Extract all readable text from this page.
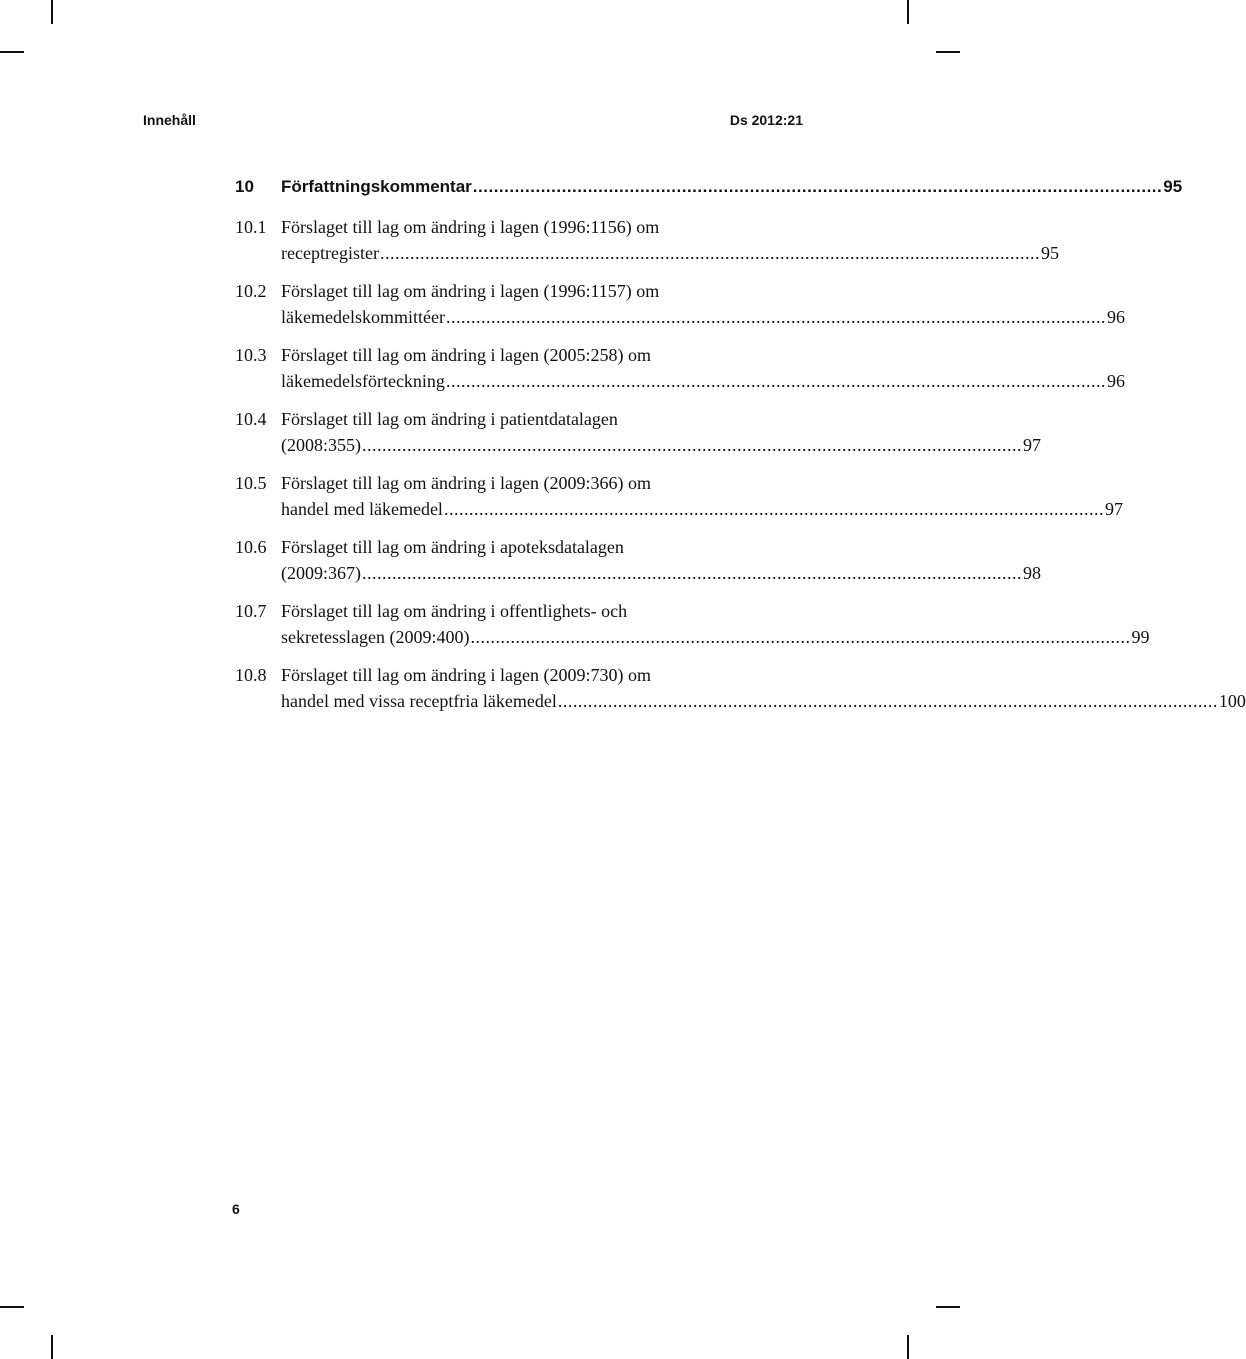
Innehåll	Ds 2012:21
10	Författningskommentar .................................................................................................................................... 95
10.1 Förslaget till lag om ändring i lagen (1996:1156) om
receptregister .................................................................................................................................... 95
10.2 Förslaget till lag om ändring i lagen (1996:1157) om
läkemedelskommittéer .................................................................................................................................... 96
10.3 Förslaget till lag om ändring i lagen (2005:258) om
läkemedelsförteckning .................................................................................................................................... 96
10.4 Förslaget till lag om ändring i patientdatalagen
(2008:355) .................................................................................................................................... 97
10.5 Förslaget till lag om ändring i lagen (2009:366) om
handel med läkemedel .................................................................................................................................... 97
10.6 Förslaget till lag om ändring i apoteksdatalagen
(2009:367) .................................................................................................................................... 98
10.7 Förslaget till lag om ändring i offentlighets- och
sekretesslagen (2009:400) .................................................................................................................................... 99
10.8 Förslaget till lag om ändring i lagen (2009:730) om
handel med vissa receptfria läkemedel .................................................................................................................................... 100
6
